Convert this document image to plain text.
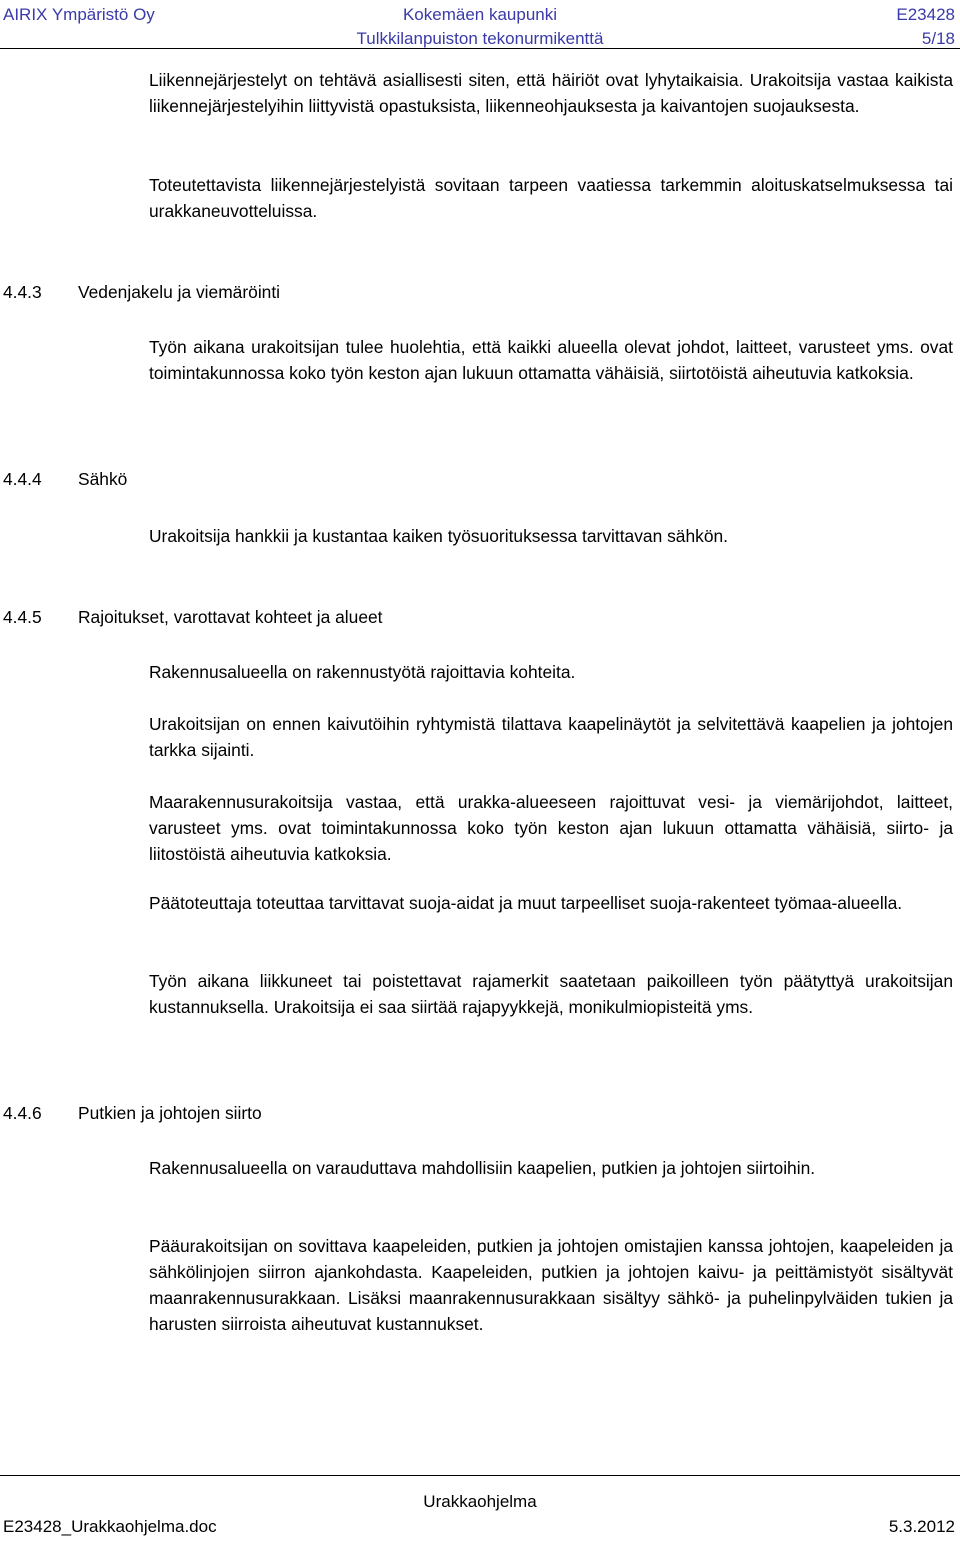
AIRIX Ympäristö Oy	Kokemäen kaupunki
Tulkkilanpuiston tekonurmikenttä
E23428
5/18

Liikennejärjestelyt on tehtävä asiallisesti siten, että häiriöt ovat lyhytaikaisia. Urakoitsija vastaa kaikista liikennejärjestelyihin liittyvistä opastuksista, liikenneohjauksesta ja kaivantojen suojauksesta.

Toteutettavista liikennejärjestelyistä sovitaan tarpeen vaatiessa tarkemmin aloituskatselmuksessa tai urakkaneuvotteluissa.

4.4.3 Vedenjakelu ja viemäröinti

Työn aikana urakoitsijan tulee huolehtia, että kaikki alueella olevat johdot, laitteet, varusteet yms. ovat toimintakunnossa koko työn keston ajan lukuun ottamatta vähäisiä, siirtotöistä aiheutuvia katkoksia.

4.4.4 Sähkö

Urakoitsija hankkii ja kustantaa kaiken työsuorituksessa tarvittavan sähkön.

4.4.5 Rajoitukset, varottavat kohteet ja alueet

Rakennusalueella on rakennustyötä rajoittavia kohteita.

Urakoitsijan on ennen kaivutöihin ryhtymistä tilattava kaapelinäytöt ja selvitettävä kaapelien ja johtojen tarkka sijainti.

Maarakennusurakoitsija vastaa, että urakka-alueeseen rajoittuvat vesi- ja viemärijohdot, laitteet, varusteet yms. ovat toimintakunnossa koko työn keston ajan lukuun ottamatta vähäisiä, siirto- ja liitostöistä aiheutuvia katkoksia.

Päätoteuttaja toteuttaa tarvittavat suoja-aidat ja muut tarpeelliset suoja-rakenteet työmaa-alueella.

Työn aikana liikkuneet tai poistettavat rajamerkit saatetaan paikoilleen työn päätyttyä urakoitsijan kustannuksella. Urakoitsija ei saa siirtää rajapyykkejä, monikulmiopisteitä yms.

4.4.6 Putkien ja johtojen siirto

Rakennusalueella on varauduttava mahdollisiin kaapelien, putkien ja johtojen siirtoihin.

Pääurakoitsijan on sovittava kaapeleiden, putkien ja johtojen omistajien kanssa johtojen, kaapeleiden ja sähkölinjojen siirron ajankohdasta. Kaapeleiden, putkien ja johtojen kaivu- ja peittämistyöt sisältyvät maanrakennusurakkaan. Lisäksi maanrakennusurakkaan sisältyy sähkö- ja puhelinpylväiden tukien ja harusten siirroista aiheutuvat kustannukset.

Urakkaohjelma
E23428_Urakkaohjelma.doc	5.3.2012
